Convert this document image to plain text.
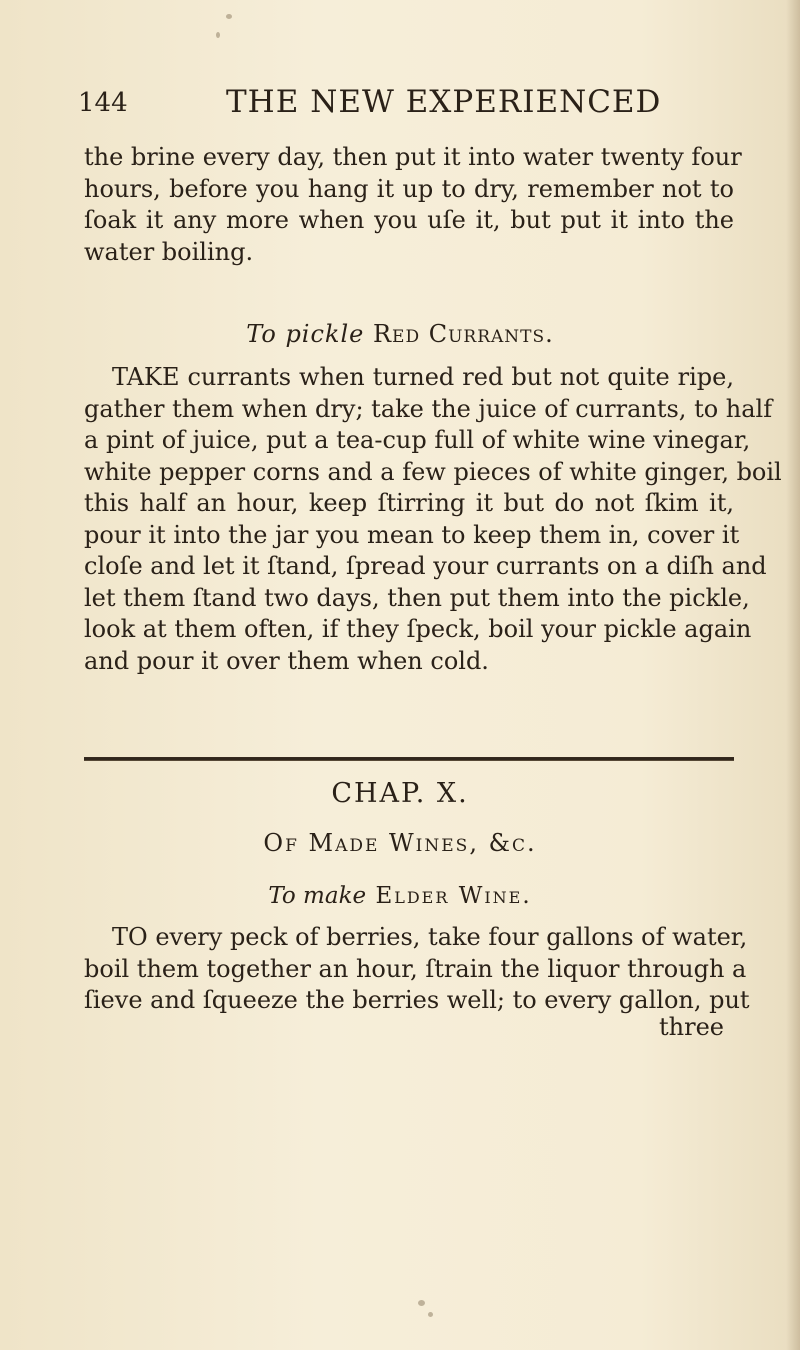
144	THE NEW EXPERIENCED
the brine every day, then put it into water twenty four
hours, before you hang it up to dry, remember not to
ſoak it any more when you uſe it, but put it into the
water boiling.
To pickle Red Currants.
TAKE currants when turned red but not quite ripe,
gather them when dry; take the juice of currants, to half
a pint of juice, put a tea-cup full of white wine vinegar,
white pepper corns and a few pieces of white ginger, boil
this half an hour, keep ſtirring it but do not ſkim it,
pour it into the jar you mean to keep them in, cover it
cloſe and let it ſtand, ſpread your currants on a diſh and
let them ſtand two days, then put them into the pickle,
look at them often, if they ſpeck, boil your pickle again
and pour it over them when cold.
CHAP. X.
Of Made Wines, &c.
To make Elder Wine.
TO every peck of berries, take four gallons of water,
boil them together an hour, ſtrain the liquor through a
ſieve and ſqueeze the berries well; to every gallon, put
three
